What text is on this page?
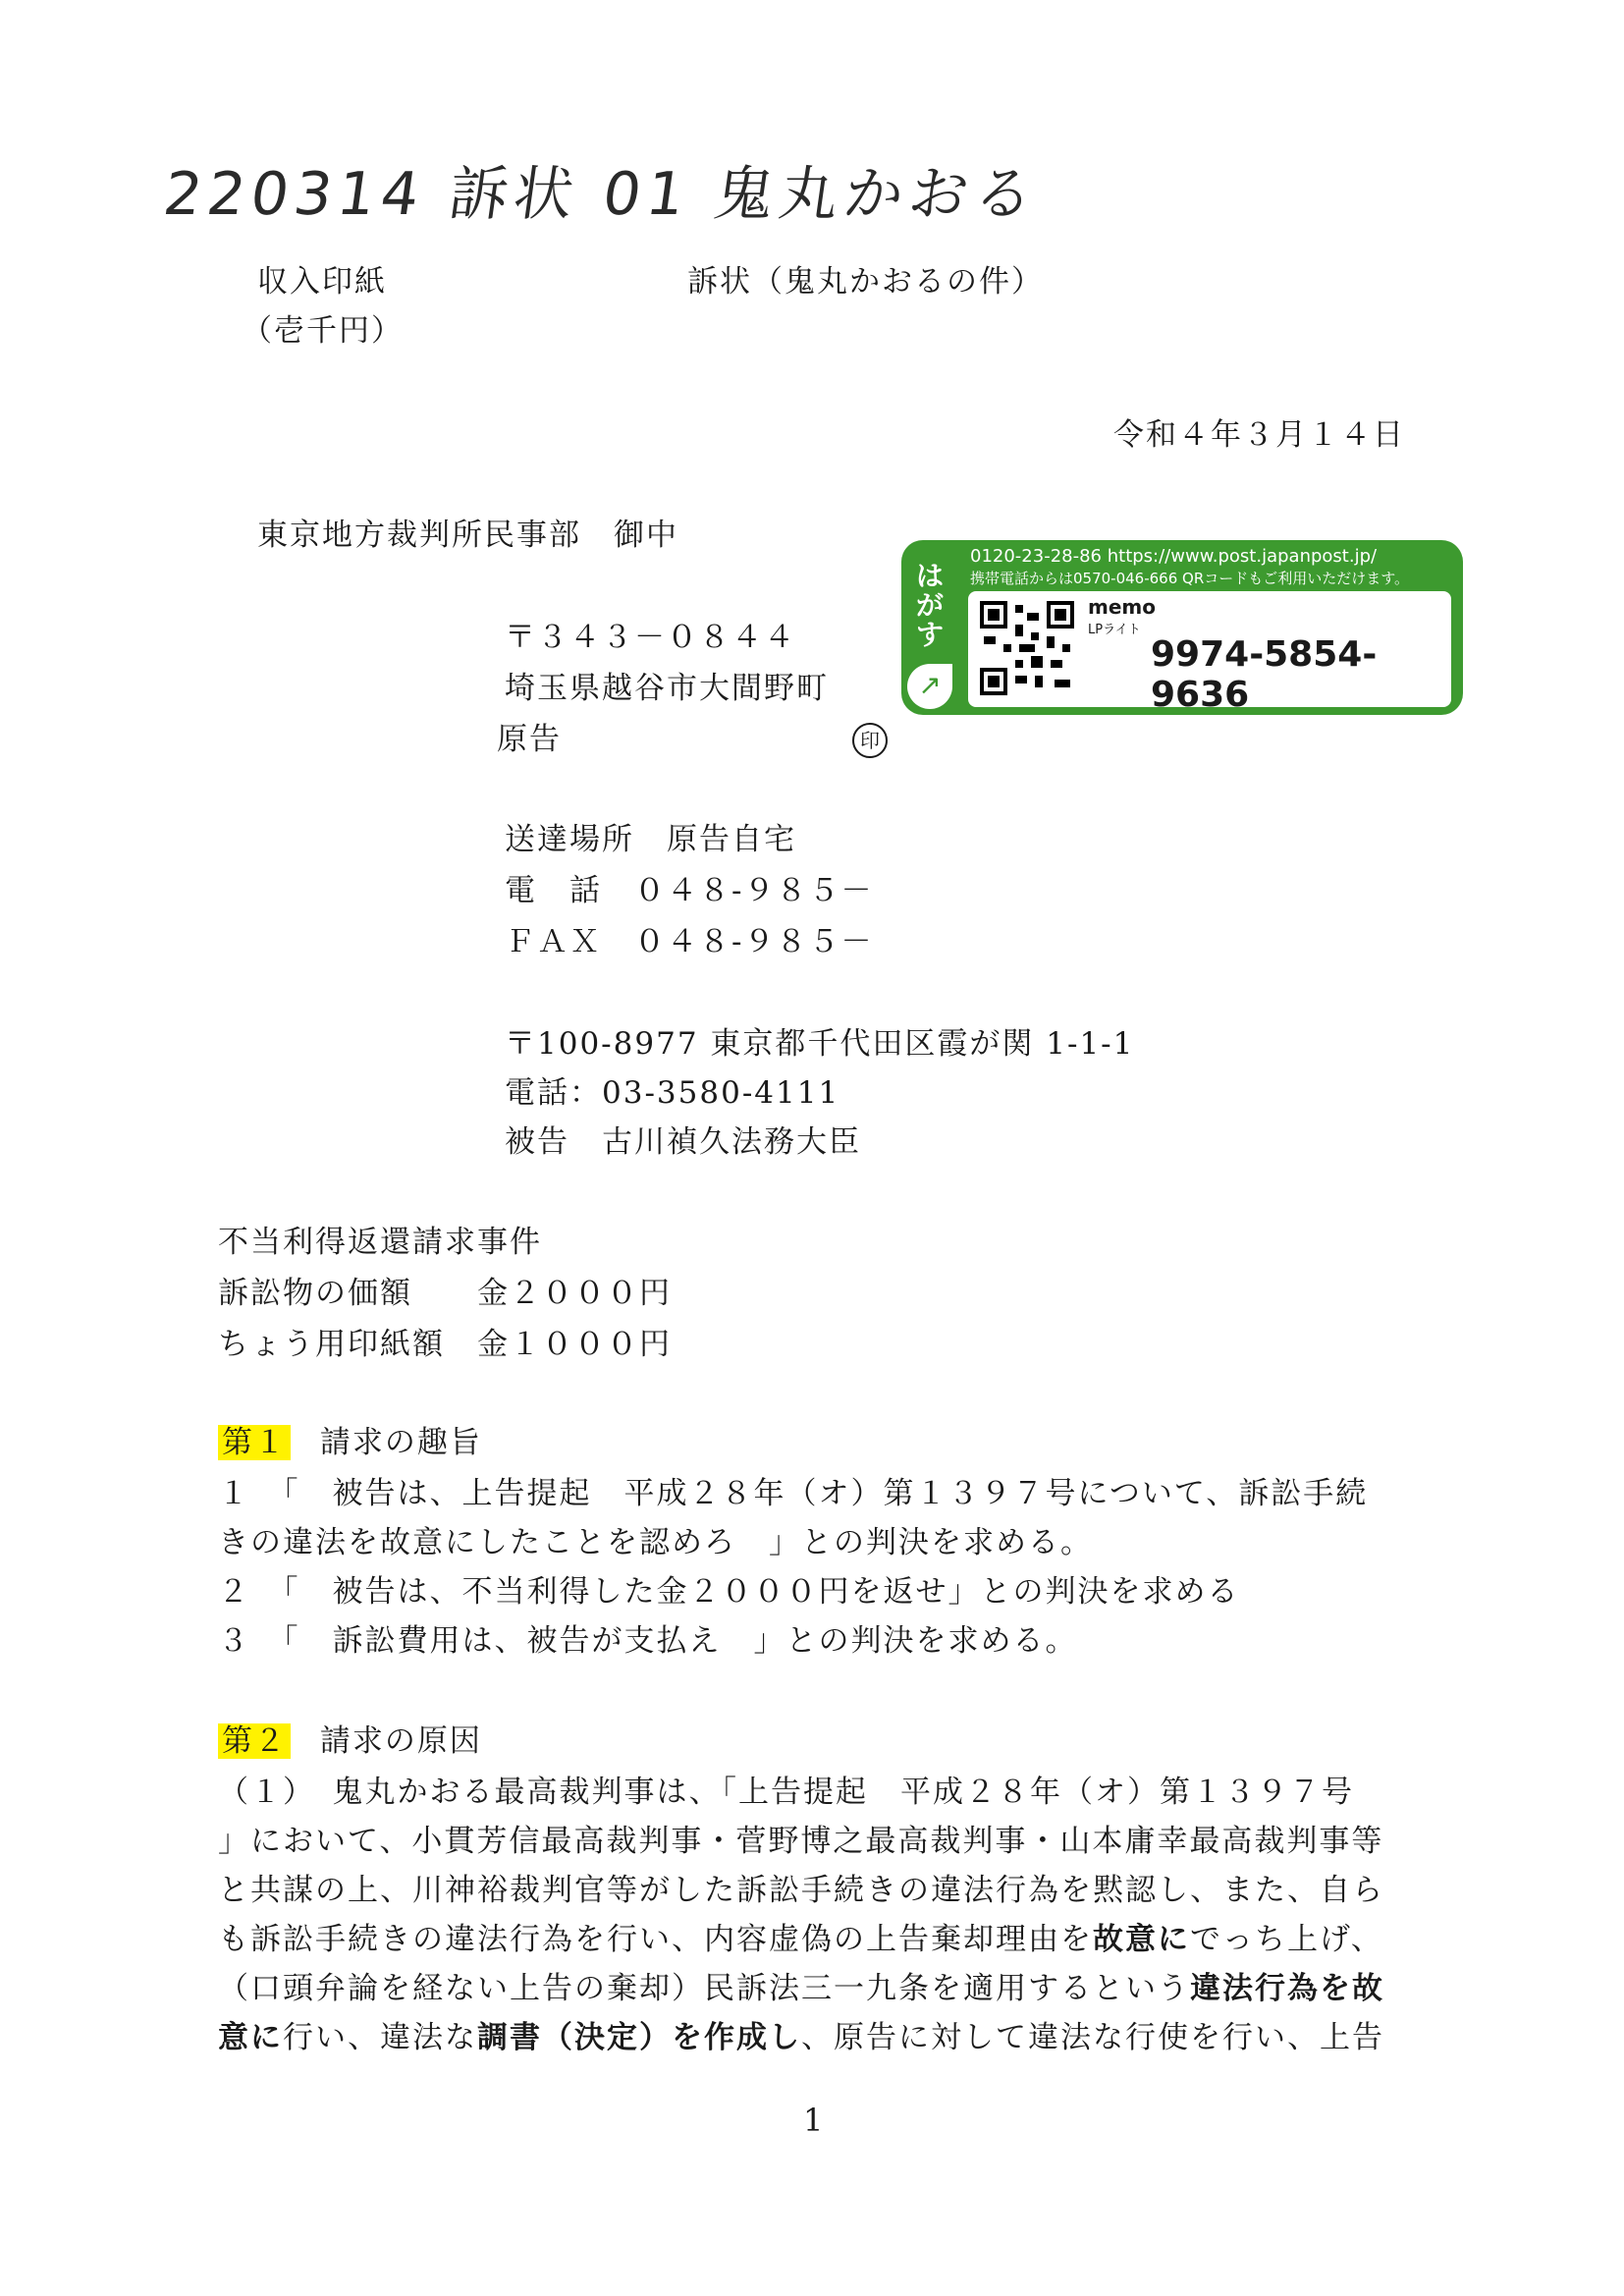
220314 訴状 01 鬼丸かおる
収入印紙
（壱千円）
訴状（鬼丸かおるの件）
令和４年３月１４日
東京地方裁判所民事部　御中
はがす
↗
0120-23-28-86 https://www.post.japanpost.jp/
携帯電話からは0570-046-666 QRコードもご利用いただけます。
memo
LPライト
9974-5854-9636
〒３４３－０８４４
埼玉県越谷市大間野町
原告	印
送達場所　原告自宅
電　話　０４８-９８５－
ＦＡＸ　０４８-９８５－
〒100-8977 東京都千代田区霞が関 1-1-1
電話：03-3580-4111
被告　古川禎久法務大臣
不当利得返還請求事件
訴訟物の価額　　金２０００円
ちょう用印紙額　金１０００円
第１ 請求の趣旨
１　「　被告は、上告提起　平成２８年（オ）第１３９７号について、訴訟手続
きの違法を故意にしたことを認めろ　」との判決を求める。
２　「　被告は、不当利得した金２０００円を返せ」との判決を求める
３　「　訴訟費用は、被告が支払え　」との判決を求める。
第２ 請求の原因
（１）　鬼丸かおる最高裁判事は、「上告提起　平成２８年（オ）第１３９７号
」において、小貫芳信最高裁判事・菅野博之最高裁判事・山本庸幸最高裁判事等
と共謀の上、川神裕裁判官等がした訴訟手続きの違法行為を黙認し、また、自ら
も訴訟手続きの違法行為を行い、内容虚偽の上告棄却理由を故意にでっち上げ、
（口頭弁論を経ない上告の棄却）民訴法三一九条を適用するという違法行為を故
意に行い、違法な調書（決定）を作成し、原告に対して違法な行使を行い、上告
1
